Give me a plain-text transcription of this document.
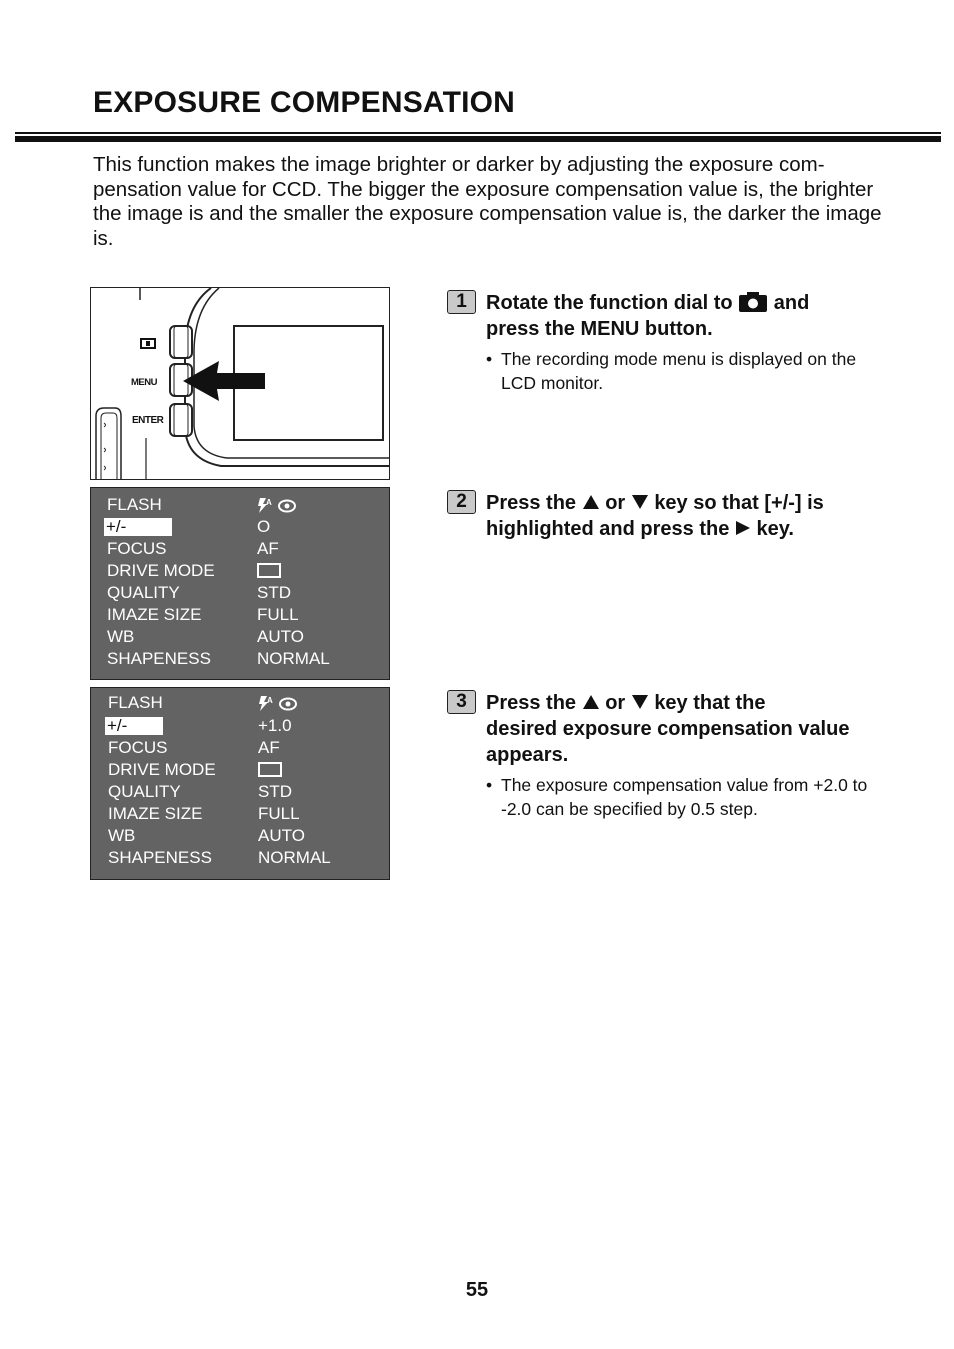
EXPOSURE COMPENSATION

This function makes the image brighter or darker by adjusting the exposure com-pensation value for CCD. The bigger the exposure compensation value is, the brighter the image is and the smaller the exposure compensation value is, the darker the image is.

MENU
ENTER
FLASH	A
+/-	O
FOCUS	AF
DRIVE MODE
QUALITY	STD
IMAZE SIZE	FULL
WB	AUTO
SHAPENESS	NORMAL
FLASH	A
+/-	+1.0
FOCUS	AF
DRIVE MODE
QUALITY	STD
IMAZE SIZE	FULL
WB	AUTO
SHAPENESS	NORMAL
1 Rotate the function dial to and
press the MENU button.
• The recording mode menu is displayed on the LCD monitor.
2 Press the or key so that [+/-] is
highlighted and press the key.
3 Press the or key that the
desired exposure compensation value appears.
• The exposure compensation value from +2.0 to -2.0 can be specified by 0.5 step.
55
